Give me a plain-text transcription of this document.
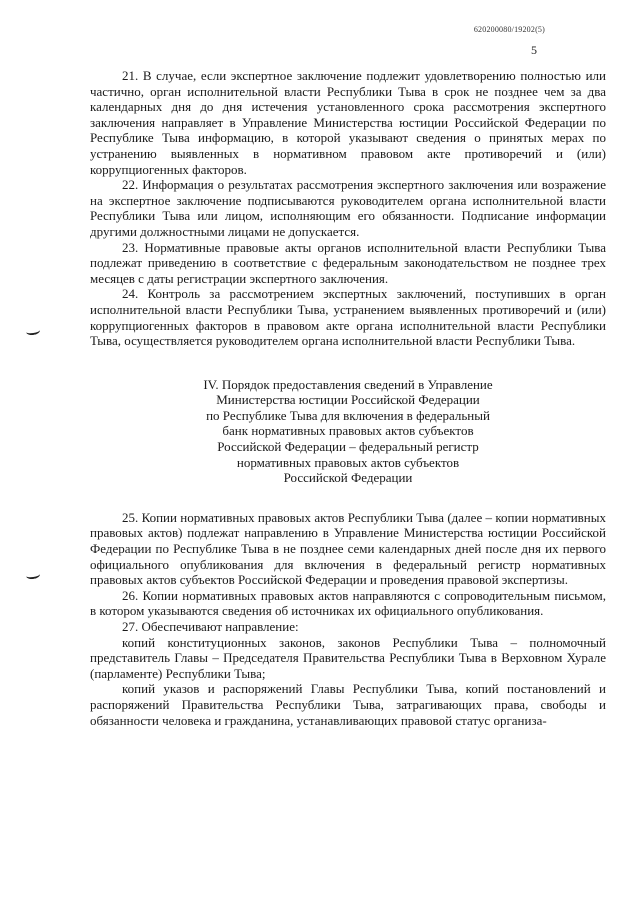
620200080/19202(5)
5

21. В случае, если экспертное заключение подлежит удовлетворению полностью или частично, орган исполнительной власти Республики Тыва в срок не позднее чем за два календарных дня до дня истечения установленного срока рассмотрения экспертного заключения направляет в Управление Министерства юстиции Российской Федерации по Республике Тыва информацию, в которой указывают сведения о принятых мерах по устранению выявленных в нормативном правовом акте противоречий и (или) коррупциогенных факторов.

22. Информация о результатах рассмотрения экспертного заключения или возражение на экспертное заключение подписываются руководителем органа исполнительной власти Республики Тыва или лицом, исполняющим его обязанности. Подписание информации другими должностными лицами не допускается.

23. Нормативные правовые акты органов исполнительной власти Республики Тыва подлежат приведению в соответствие с федеральным законодательством не позднее трех месяцев с даты регистрации экспертного заключения.

24. Контроль за рассмотрением экспертных заключений, поступивших в орган исполнительной власти Республики Тыва, устранением выявленных противоречий и (или) коррупциогенных факторов в правовом акте органа исполнительной власти Республики Тыва, осуществляется руководителем органа исполнительной власти Республики Тыва.

IV. Порядок предоставления сведений в Управление
Министерства юстиции Российской Федерации
по Республике Тыва для включения в федеральный
банк нормативных правовых актов субъектов
Российской Федерации – федеральный регистр
нормативных правовых актов субъектов
Российской Федерации

25. Копии нормативных правовых актов Республики Тыва (далее – копии нормативных правовых актов) подлежат направлению в Управление Министерства юстиции Российской Федерации по Республике Тыва в не позднее семи календарных дней после дня их первого официального опубликования для включения в федеральный регистр нормативных правовых актов субъектов Российской Федерации и проведения правовой экспертизы.

26. Копии нормативных правовых актов направляются с сопроводительным письмом, в котором указываются сведения об источниках их официального опубликования.

27. Обеспечивают направление:

копий конституционных законов, законов Республики Тыва – полномочный представитель Главы – Председателя Правительства Республики Тыва в Верховном Хурале (парламенте) Республики Тыва;

копий указов и распоряжений Главы Республики Тыва, копий постановлений и распоряжений Правительства Республики Тыва, затрагивающих права, свободы и обязанности человека и гражданина, устанавливающих правовой статус организа-
